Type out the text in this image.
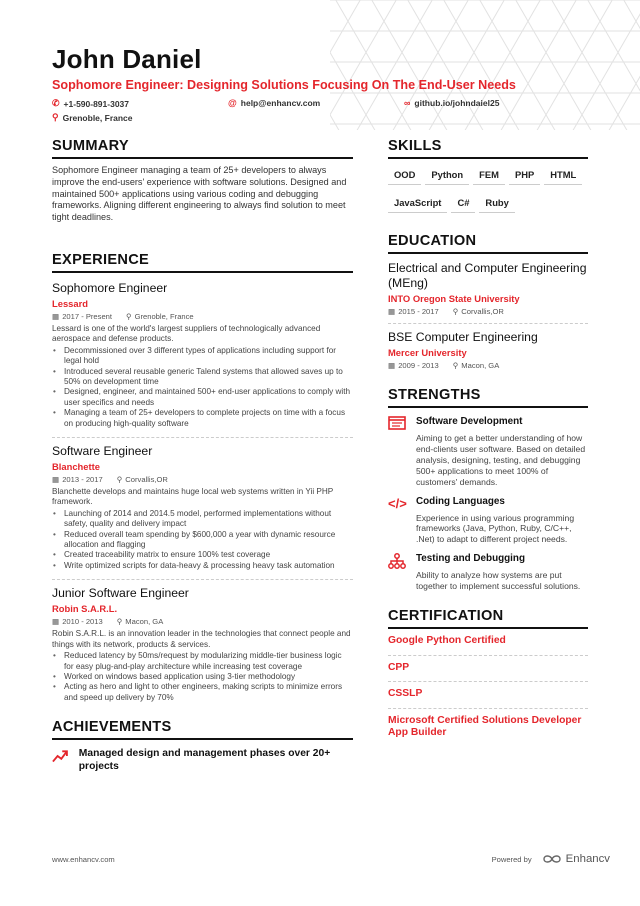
John Daniel
Sophomore Engineer: Designing Solutions Focusing On The End-User Needs
✆ +1-590-891-3037	@ help@enhancv.com	∞ github.io/johndaiel25
⚲ Grenoble, France
SUMMARY
Sophomore Engineer managing a team of 25+ developers to always improve the end-users' experience with software solutions. Designed and maintained 500+ applications using various coding and debugging frameworks. Aligning different engineering to always find solution to meet tight deadlines.
EXPERIENCE
Sophomore Engineer
Lessard
▦ 2017 - Present ⚲ Grenoble, France
Lessard is one of the world's largest suppliers of technologically advanced aerospace and defense products.
• Decommissioned over 3 different types of applications including support for legal hold
• Introduced several reusable generic Talend systems that allowed saves up to 50% on development time
• Designed, engineer, and maintained 500+ end-user applications to comply with user specifics and needs
• Managing a team of 25+ developers to complete projects on time with a focus on producing high-quality software
Software Engineer
Blanchette
▦ 2013 - 2017 ⚲ Corvallis,OR
Blanchette develops and maintains huge local web systems written in Yii PHP framework.
• Launching of 2014 and 2014.5 model, performed implementations without safety, quality and delivery impact
• Reduced overall team spending by $600,000 a year with dynamic resource allocation and flagging
• Created traceability matrix to ensure 100% test coverage
• Write optimized scripts for data-heavy & processing heavy task automation
Junior Software Engineer
Robin S.A.R.L.
▦ 2010 - 2013 ⚲ Macon, GA
Robin S.A.R.L. is an innovation leader in the technologies that connect people and things with its network, products & services.
• Reduced latency by 50ms/request by modularizing middle-tier business logic for easy plug-and-play architecture while increasing test coverage
• Worked on windows based application using 3-tier methodology
• Acting as hero and light to other engineers, making scripts to minimize errors and speed up delivery by 70%
ACHIEVEMENTS
Managed design and management phases over 20+ projects
SKILLS
OOD	Python	FEM	PHP	HTML
JavaScript	C#	Ruby
EDUCATION
Electrical and Computer Engineering (MEng)
INTO Oregon State University
▦ 2015 - 2017 ⚲ Corvallis,OR
BSE Computer Engineering
Mercer University
▦ 2009 - 2013 ⚲ Macon, GA
STRENGTHS
Software Development
Aiming to get a better understanding of how end-clients user software. Based on detailed analysis, designing, testing, and debugging 500+ applications to meet 100% of customers' demands.
</> Coding Languages
Experience in using various programming frameworks (Java, Python, Ruby, C/C++, .Net) to adapt to different project needs.
Testing and Debugging
Ability to analyze how systems are put together to implement successful solutions.
CERTIFICATION
Google Python Certified
CPP
CSSLP
Microsoft Certified Solutions Developer App Builder
www.enhancv.com	Powered by	Enhancv
